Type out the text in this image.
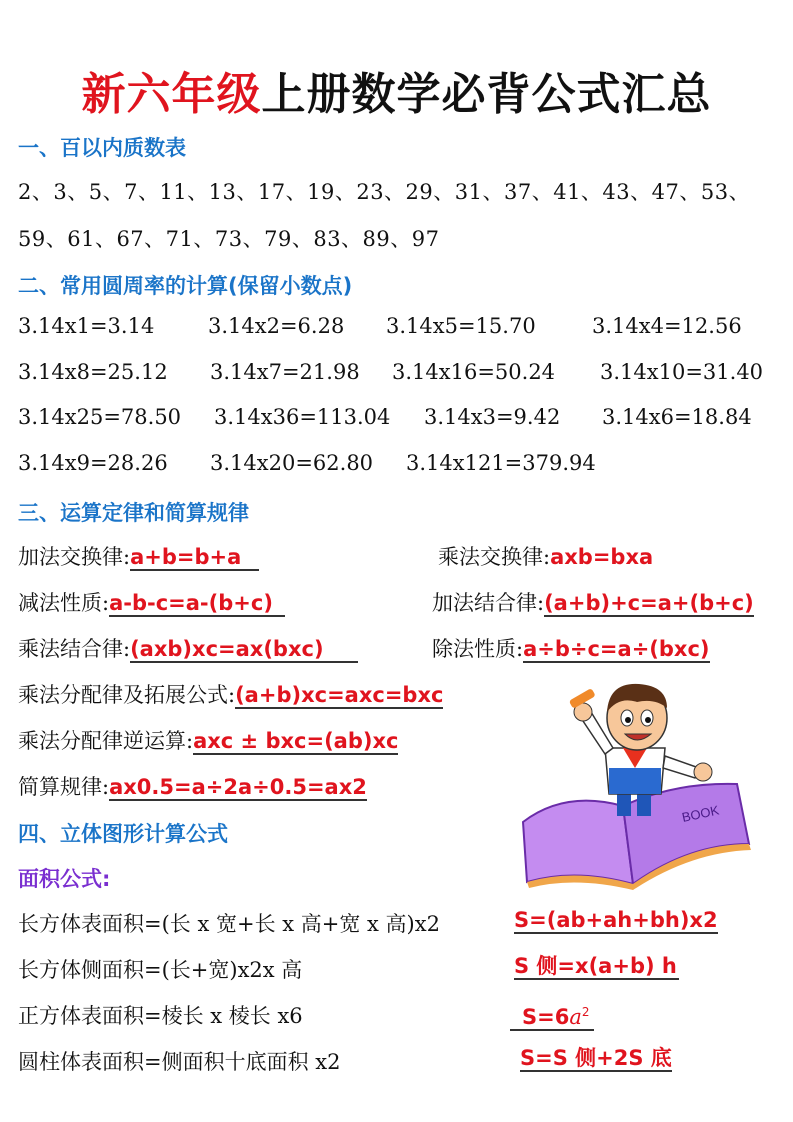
新六年级上册数学必背公式汇总
一、百以内质数表
2、3、5、7、11、13、17、19、23、29、31、37、41、43、47、53、
59、61、67、71、73、79、83、89、97
二、常用圆周率的计算(保留小数点)
3.14x1=3.14	3.14x2=6.28 3.14x5=15.70	3.14x4=12.56
3.14x8=25.12 3.14x7=21.98 3.14x16=50.24 3.14x10=31.40
3.14x25=78.50 3.14x36=113.04 3.14x3=9.42 3.14x6=18.84
3.14x9=28.26 3.14x20=62.80 3.14x121=379.94
三、运算定律和简算规律
加法交换律:a+b=b+a	乘法交换律:axb=bxa
减法性质:a-b-c=a-(b+c)	加法结合律:(a+b)+c=a+(b+c)
乘法结合律:(axb)xc=ax(bxc)	除法性质:a÷b÷c=a÷(bxc)
乘法分配律及拓展公式:(a+b)xc=axc=bxc
乘法分配律逆运算:axc ± bxc=(ab)xc
简算规律:ax0.5=a÷2a÷0.5=ax2
BOOK
四、立体图形计算公式
面积公式:
长方体表面积=(长 x 宽+长 x 高+宽 x 高)x2	S=(ab+ah+bh)x2
长方体侧面积=(长+宽)x2x 高	S 侧=x(a+b) h
正方体表面积=棱长 x 棱长 x6	$S=6a^2$
圆柱体表面积=侧面积十底面积 x2	S=S 侧+2S 底
